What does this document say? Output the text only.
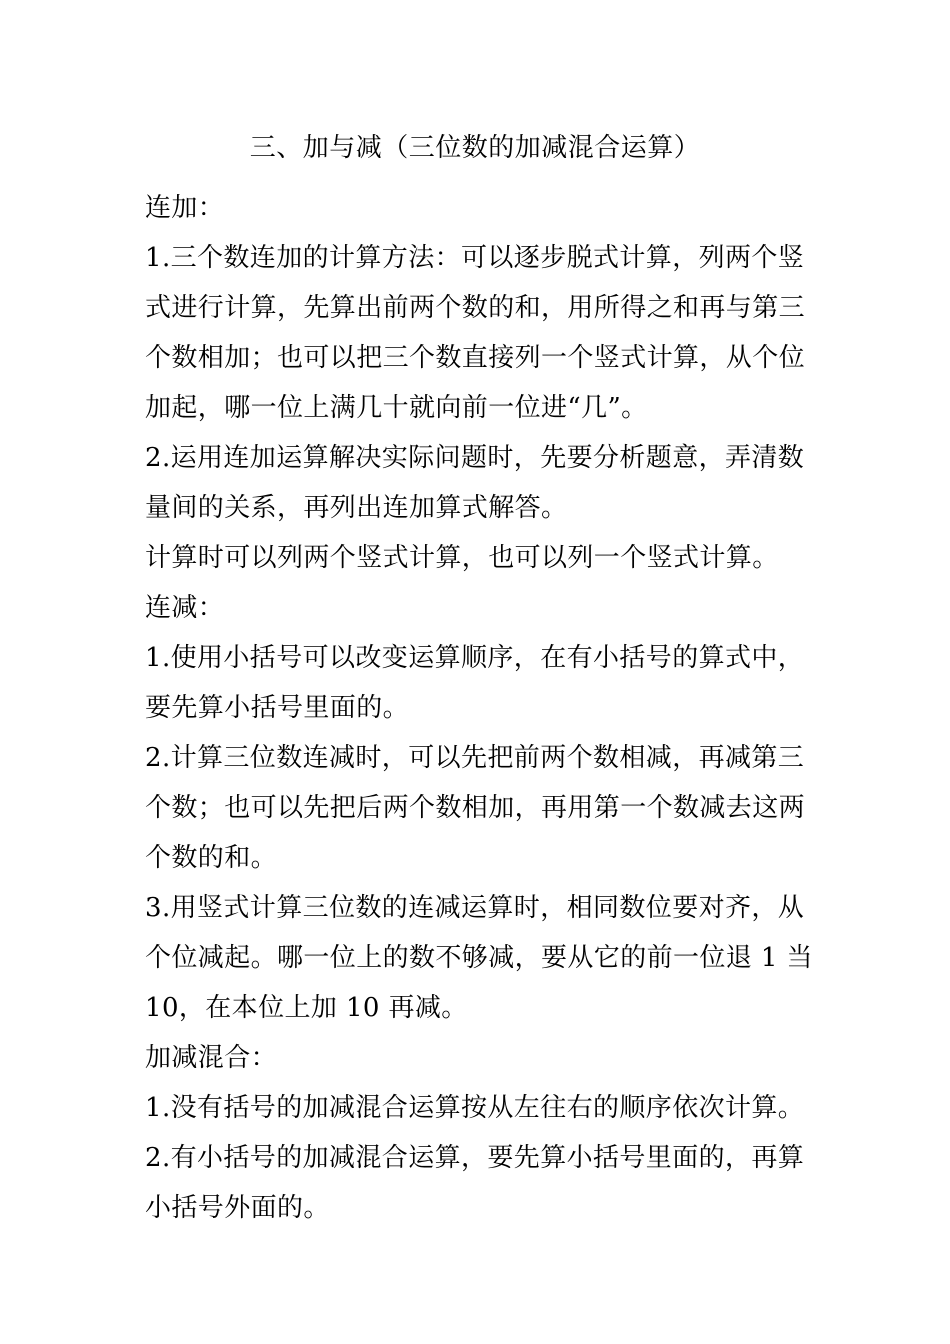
三、加与减（三位数的加减混合运算）
连加：
1.三个数连加的计算方法：可以逐步脱式计算，列两个竖
式进行计算，先算出前两个数的和，用所得之和再与第三
个数相加；也可以把三个数直接列一个竖式计算，从个位
加起，哪一位上满几十就向前一位进“几”。
2.运用连加运算解决实际问题时，先要分析题意，弄清数
量间的关系，再列出连加算式解答。
计算时可以列两个竖式计算，也可以列一个竖式计算。
连减：
1.使用小括号可以改变运算顺序，在有小括号的算式中，
要先算小括号里面的。
2.计算三位数连减时，可以先把前两个数相减，再减第三
个数；也可以先把后两个数相加，再用第一个数减去这两
个数的和。
3.用竖式计算三位数的连减运算时，相同数位要对齐，从
个位减起。哪一位上的数不够减，要从它的前一位退 1 当
10，在本位上加 10 再减。
加减混合：
1.没有括号的加减混合运算按从左往右的顺序依次计算。
2.有小括号的加减混合运算，要先算小括号里面的，再算
小括号外面的。
